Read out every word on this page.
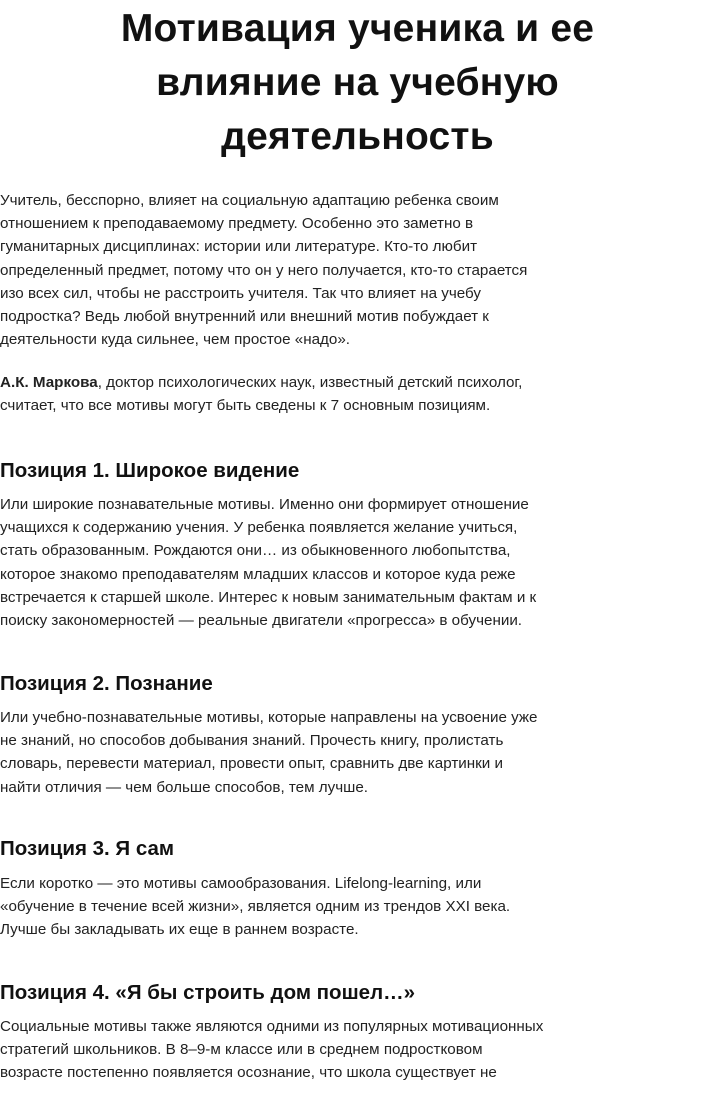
Мотивация ученика и ее
влияние на учебную
деятельность

Учитель, бесспорно, влияет на социальную адаптацию ребенка своим
отношением к преподаваемому предмету. Особенно это заметно в
гуманитарных дисциплинах: истории или литературе. Кто-то любит
определенный предмет, потому что он у него получается, кто-то старается
изо всех сил, чтобы не расстроить учителя. Так что влияет на учебу
подростка? Ведь любой внутренний или внешний мотив побуждает к
деятельности куда сильнее, чем простое «надо».

А.К. Маркова, доктор психологических наук, известный детский психолог,
считает, что все мотивы могут быть сведены к 7 основным позициям.

Позиция 1. Широкое видение

Или широкие познавательные мотивы. Именно они формирует отношение
учащихся к содержанию учения. У ребенка появляется желание учиться,
стать образованным. Рождаются они… из обыкновенного любопытства,
которое знакомо преподавателям младших классов и которое куда реже
встречается к старшей школе. Интерес к новым занимательным фактам и к
поиску закономерностей — реальные двигатели «прогресса» в обучении.

Позиция 2. Познание

Или учебно-познавательные мотивы, которые направлены на усвоение уже
не знаний, но способов добывания знаний. Прочесть книгу, пролистать
словарь, перевести материал, провести опыт, сравнить две картинки и
найти отличия — чем больше способов, тем лучше.

Позиция 3. Я сам

Если коротко — это мотивы самообразования. Lifelong-learning, или
«обучение в течение всей жизни», является одним из трендов XXI века.
Лучше бы закладывать их еще в раннем возрасте.

Позиция 4. «Я бы строить дом пошел…»

Социальные мотивы также являются одними из популярных мотивационных
стратегий школьников. В 8–9-м классе или в среднем подростковом
возрасте постепенно появляется осознание, что школа существует не
